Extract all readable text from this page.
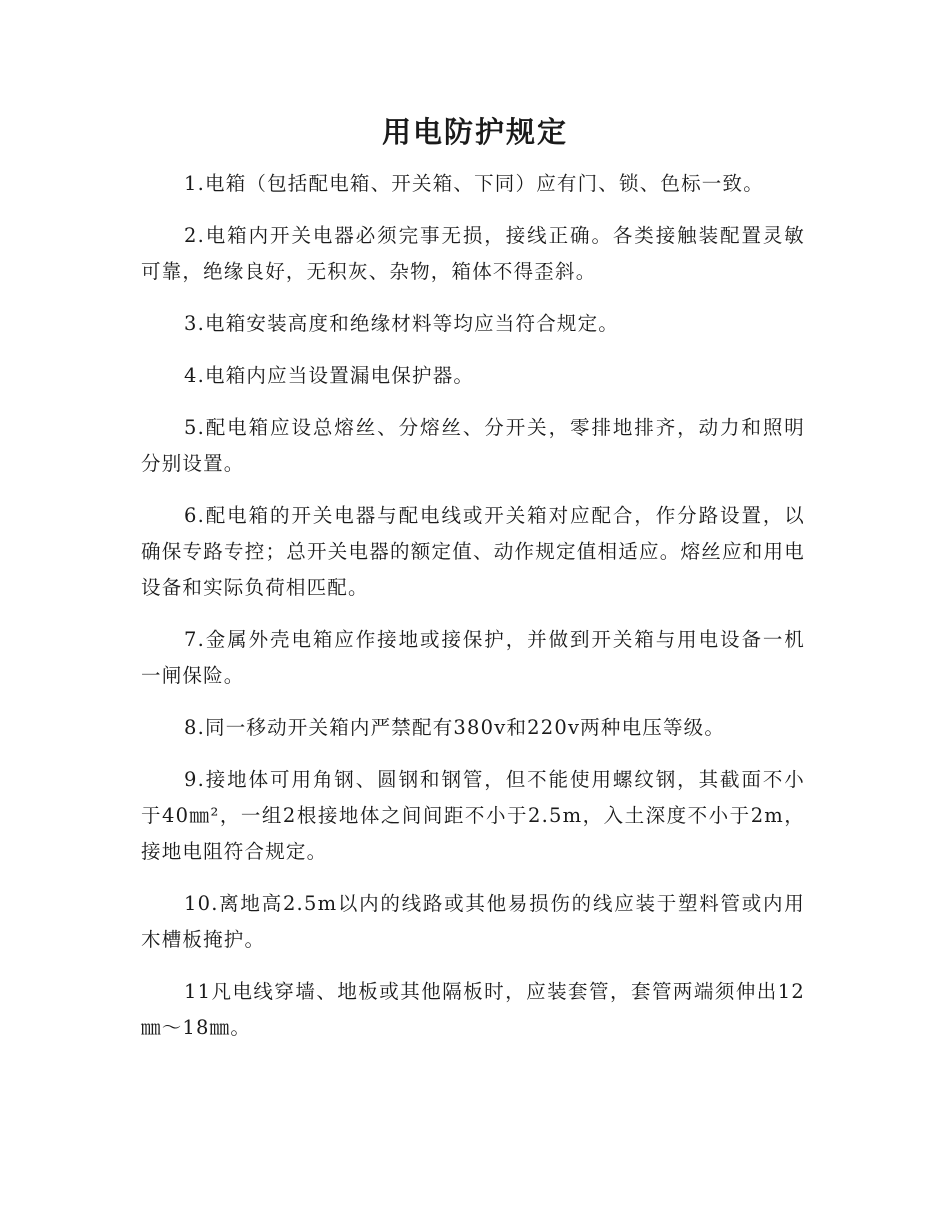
用电防护规定

1.电箱（包括配电箱、开关箱、下同）应有门、锁、色标一致。

2.电箱内开关电器必须完事无损，接线正确。各类接触装配置灵敏可靠，绝缘良好，无积灰、杂物，箱体不得歪斜。

3.电箱安装高度和绝缘材料等均应当符合规定。

4.电箱内应当设置漏电保护器。

5.配电箱应设总熔丝、分熔丝、分开关，零排地排齐，动力和照明分别设置。

6.配电箱的开关电器与配电线或开关箱对应配合，作分路设置，以确保专路专控；总开关电器的额定值、动作规定值相适应。熔丝应和用电设备和实际负荷相匹配。

7.金属外壳电箱应作接地或接保护，并做到开关箱与用电设备一机一闸保险。

8.同一移动开关箱内严禁配有380v和220v两种电压等级。

9.接地体可用角钢、圆钢和钢管，但不能使用螺纹钢，其截面不小于40㎜²，一组2根接地体之间间距不小于2.5m，入土深度不小于2m，接地电阻符合规定。

10.离地高2.5m以内的线路或其他易损伤的线应装于塑料管或内用木槽板掩护。

11凡电线穿墙、地板或其他隔板时，应装套管，套管两端须伸出12㎜～18㎜。
